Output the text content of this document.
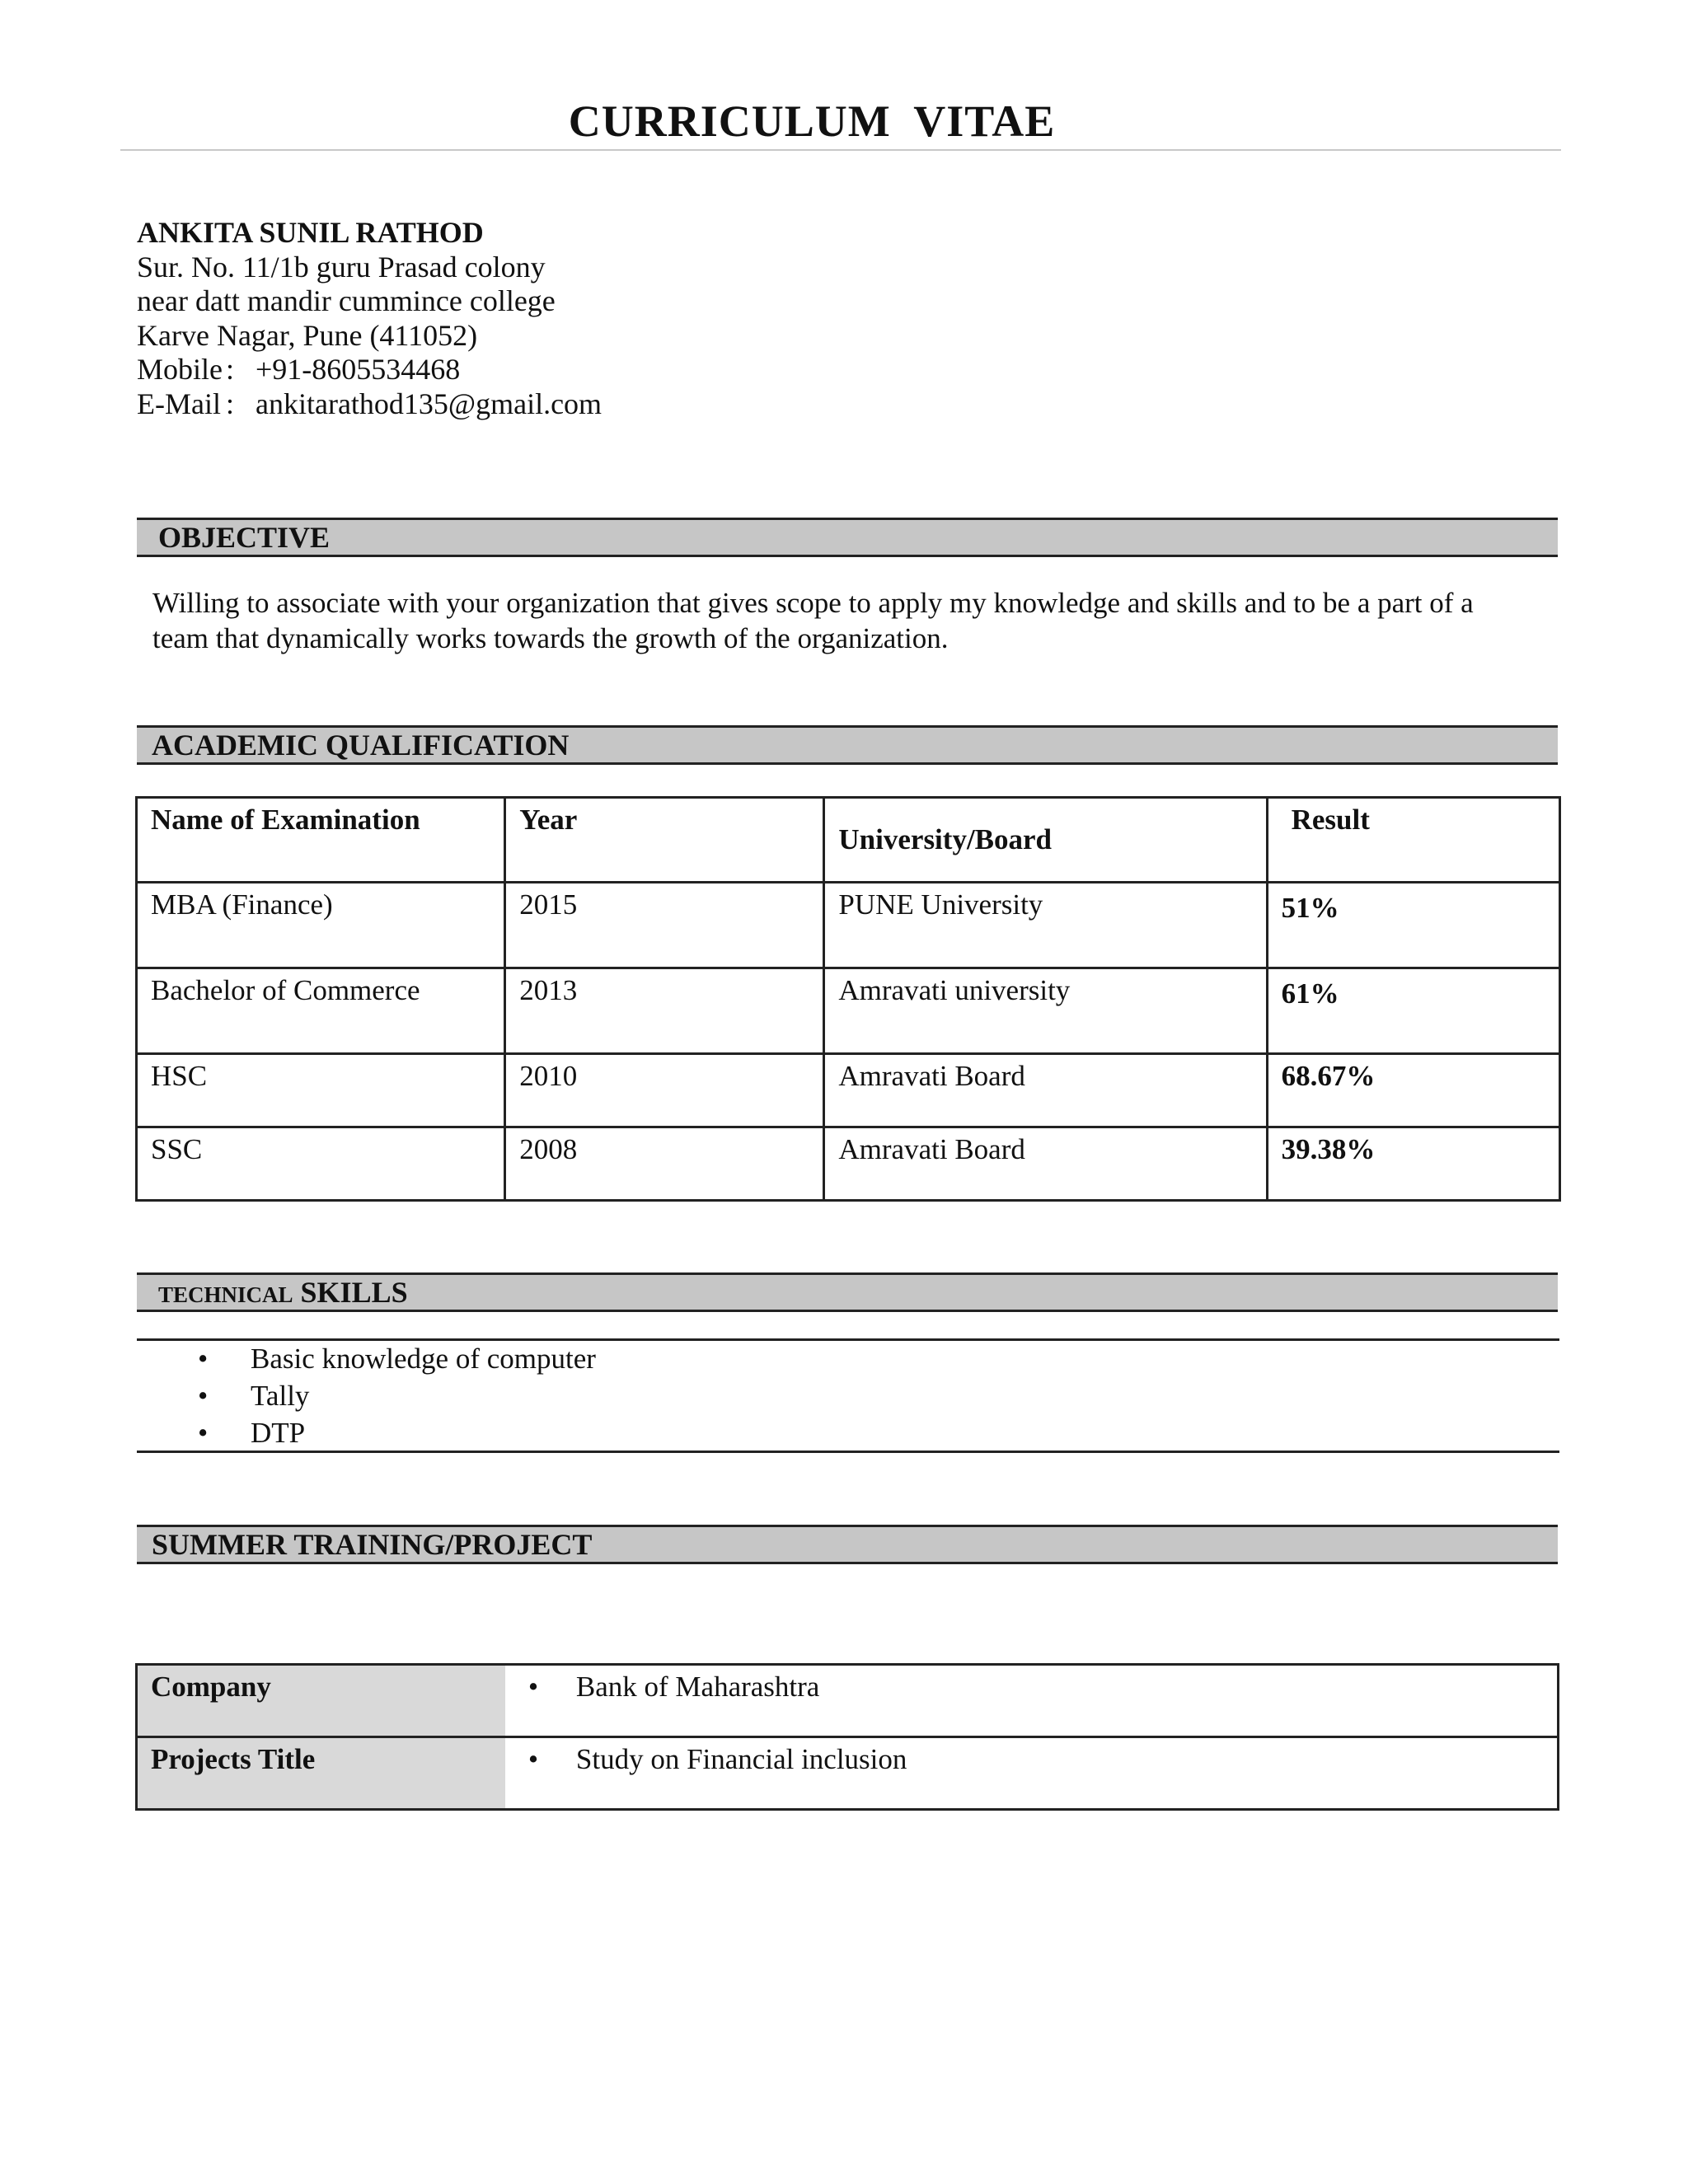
CURRICULUM VITAE
ANKITA SUNIL RATHOD
Sur. No. 11/1b guru Prasad colony
near datt mandir cummince college
Karve Nagar, Pune (411052)
Mobile : +91-8605534468
E-Mail : ankitarathod135@gmail.com
OBJECTIVE
Willing to associate with your organization that gives scope to apply my knowledge and skills and to be a part of a
team that dynamically works towards the growth of the organization.
ACADEMIC QUALIFICATION
Name of Examination	Year	University/Board	Result
MBA (Finance)	2015	PUNE University	51%
Bachelor of Commerce	2013	Amravati university	61%
HSC	2010	Amravati Board	68.67%
SSC	2008	Amravati Board	39.38%
TECHNICAL SKILLS
• Basic knowledge of computer
• Tally
• DTP
SUMMER TRAINING/PROJECT
Company	• Bank of Maharashtra
Projects Title	• Study on Financial inclusion
